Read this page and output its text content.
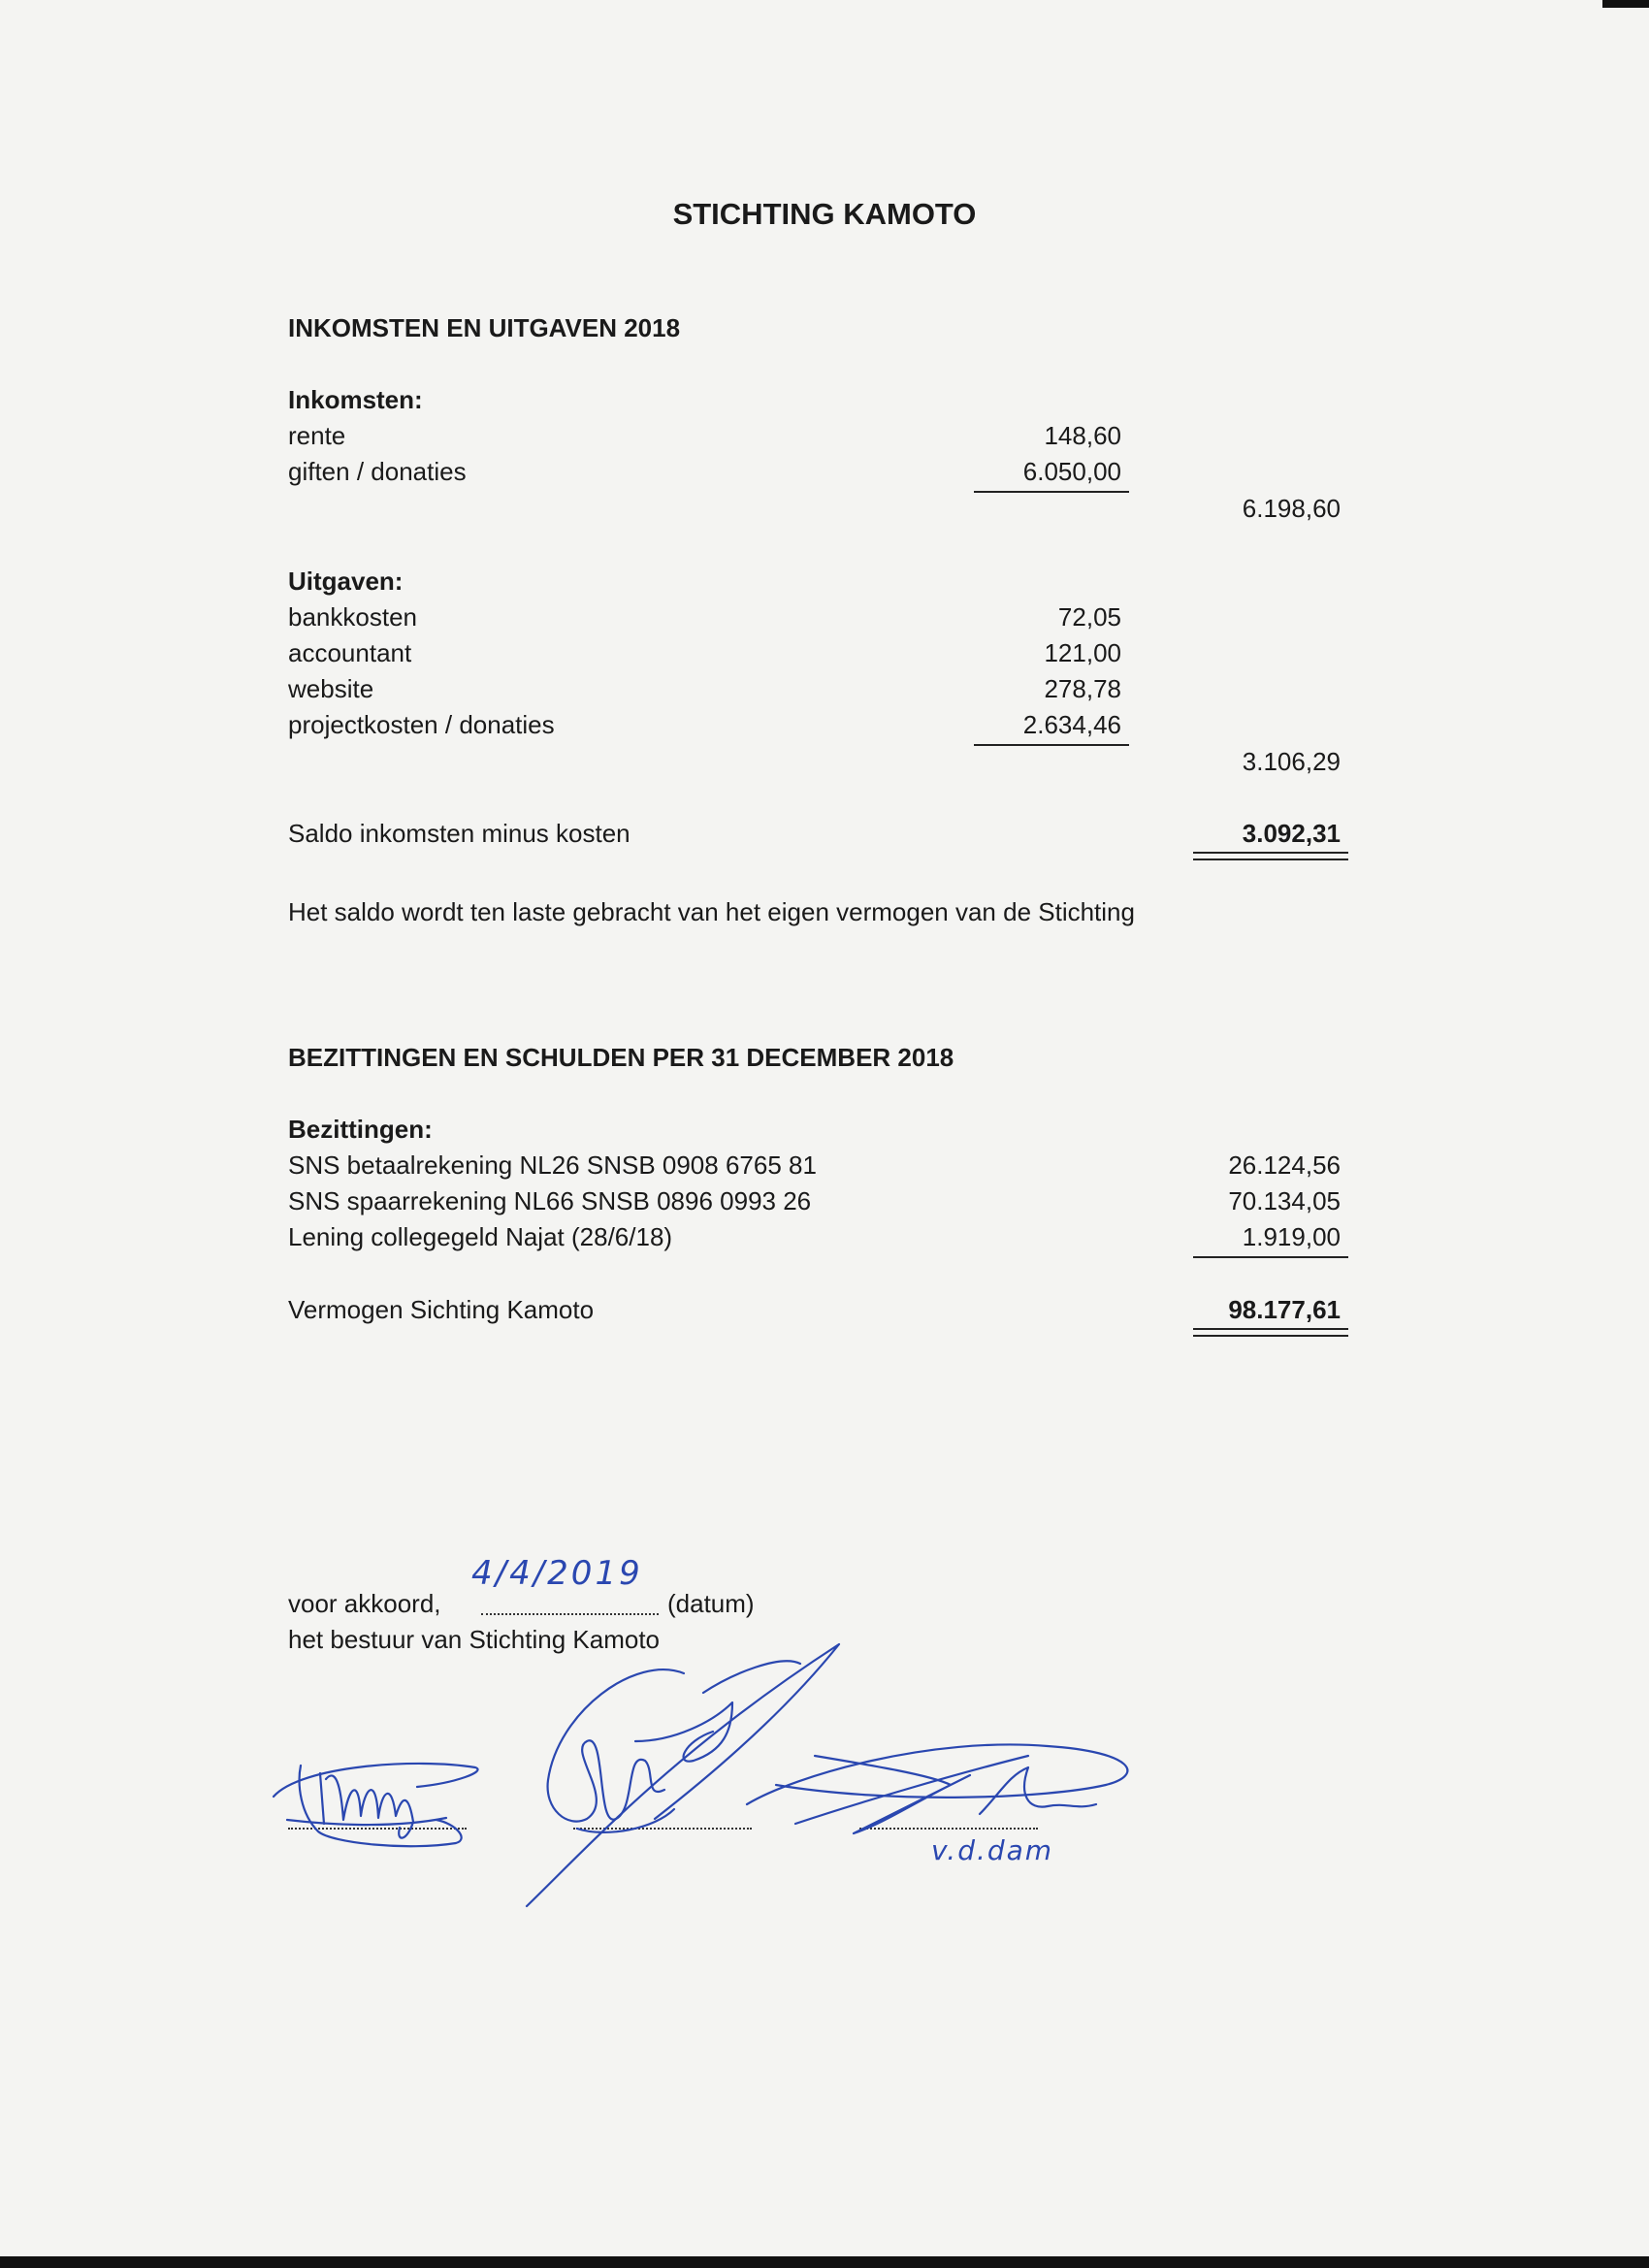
STICHTING KAMOTO
INKOMSTEN EN UITGAVEN 2018
Inkomsten:
rente	148,60
giften / donaties	6.050,00
6.198,60
Uitgaven:
bankkosten	72,05
accountant	121,00
website	278,78
projectkosten / donaties	2.634,46
3.106,29
Saldo inkomsten minus kosten	3.092,31
Het saldo wordt ten laste gebracht van het eigen vermogen van de Stichting
BEZITTINGEN EN SCHULDEN PER 31 DECEMBER 2018
Bezittingen:
SNS betaalrekening NL26 SNSB 0908 6765 81	26.124,56
SNS spaarrekening NL66 SNSB 0896 0993 26	70.134,05
Lening collegegeld Najat (28/6/18)	1.919,00
Vermogen Sichting Kamoto	98.177,61
voor akkoord,	(datum)
4/4/2019
het bestuur van Stichting Kamoto
v.d.dam
